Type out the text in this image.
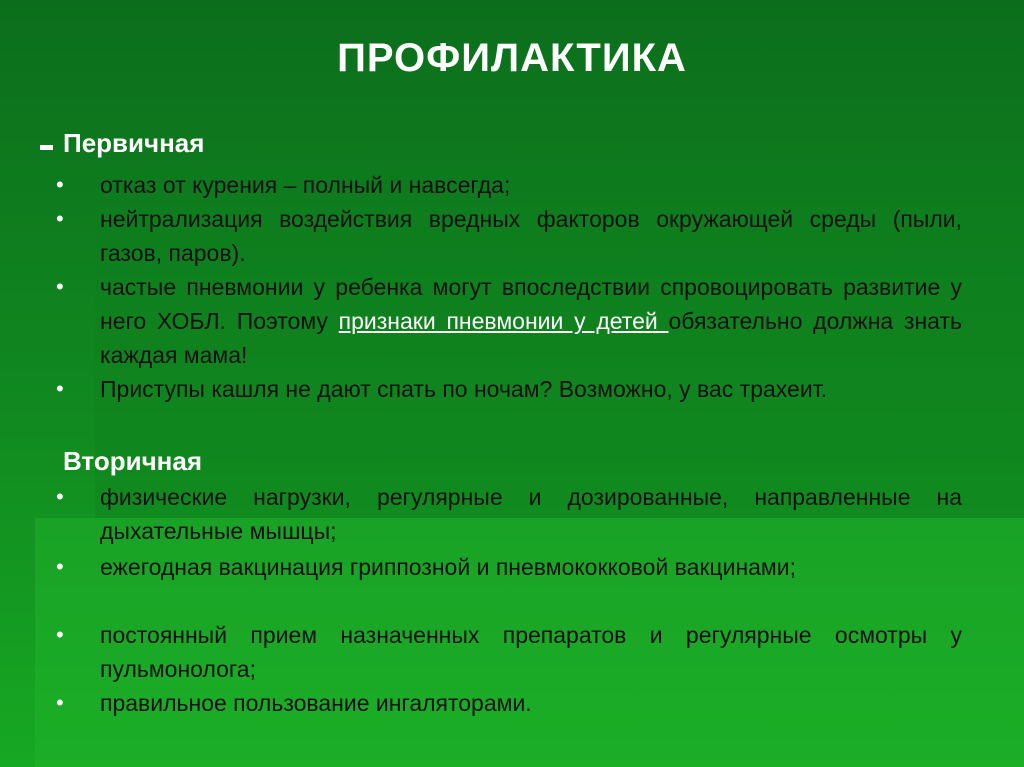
ПРОФИЛАКТИКА
Первичная
•	отказ от курения – полный и навсегда;
•	нейтрализация воздействия вредных факторов окружающей среды (пыли, газов, паров).
•	частые пневмонии у ребенка могут впоследствии спровоцировать развитие у него ХОБЛ. Поэтому признаки пневмонии у детей обязательно должна знать каждая мама!
•	Приступы кашля не дают спать по ночам? Возможно, у вас трахеит.
Вторичная
•	физические нагрузки, регулярные и дозированные, направленные на дыхательные мышцы;
•	ежегодная вакцинация гриппозной и пневмококковой вакцинами;
•	постоянный прием назначенных препаратов и регулярные осмотры у пульмонолога;
•	правильное пользование ингаляторами.
